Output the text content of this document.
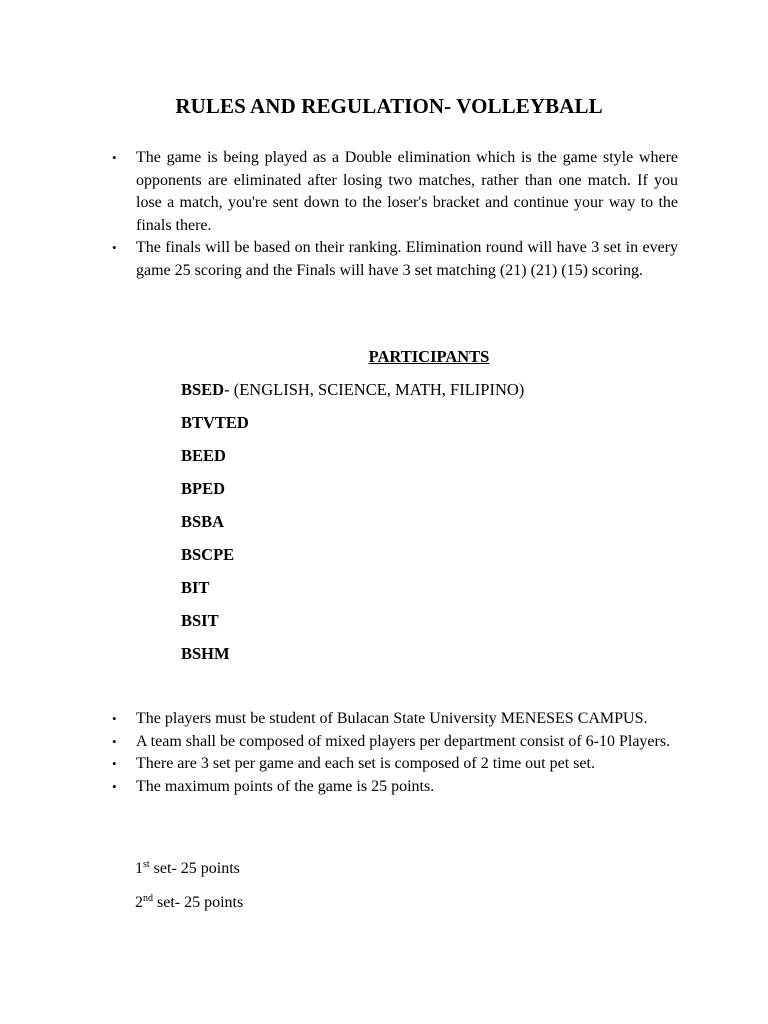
RULES AND REGULATION- VOLLEYBALL
• The game is being played as a Double elimination which is the game style where opponents are eliminated after losing two matches, rather than one match. If you lose a match, you're sent down to the loser's bracket and continue your way to the finals there.
• The finals will be based on their ranking. Elimination round will have 3 set in every game 25 scoring and the Finals will have 3 set matching (21) (21) (15) scoring.
PARTICIPANTS
BSED- (ENGLISH, SCIENCE, MATH, FILIPINO)
BTVTED
BEED
BPED
BSBA
BSCPE
BIT
BSIT
BSHM
• The players must be student of Bulacan State University MENESES CAMPUS.
• A team shall be composed of mixed players per department consist of 6-10 Players.
• There are 3 set per game and each set is composed of 2 time out pet set.
• The maximum points of the game is 25 points.
1st set- 25 points
2nd set- 25 points
